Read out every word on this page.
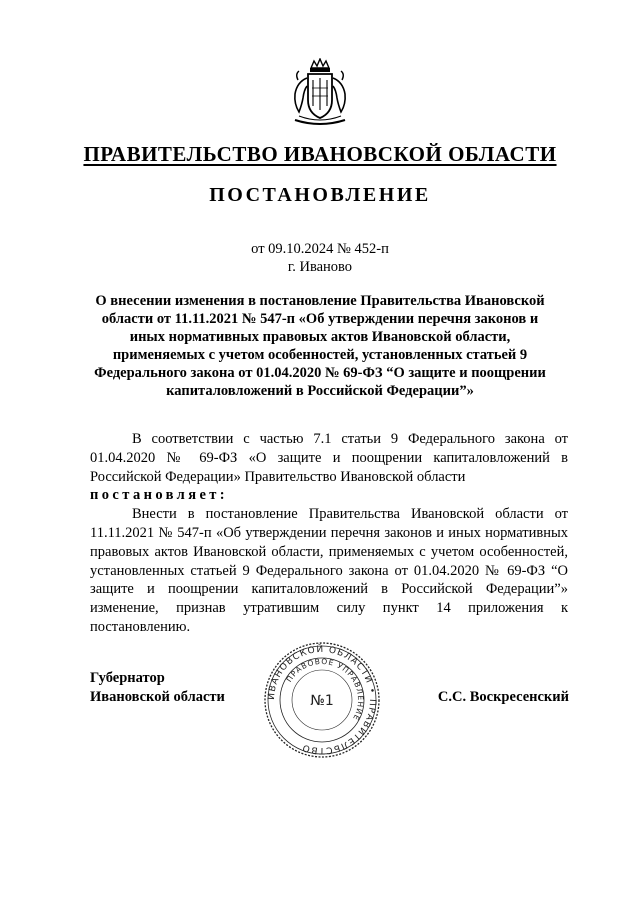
ПРАВИТЕЛЬСТВО ИВАНОВСКОЙ ОБЛАСТИ
ПОСТАНОВЛЕНИЕ
от 09.10.2024 № 452-п
г. Иваново
О внесении изменения в постановление Правительства Ивановской области от 11.11.2021 № 547-п «Об утверждении перечня законов и иных нормативных правовых актов Ивановской области, применяемых с учетом особенностей, установленных статьей 9 Федерального закона от 01.04.2020 № 69-ФЗ “О защите и поощрении капиталовложений в Российской Федерации”»

В соответствии с частью 7.1 статьи 9 Федерального закона от 01.04.2020 № 69-ФЗ «О защите и поощрении капиталовложений в Российской Федерации» Правительство Ивановской области
постановляет:

Внести в постановление Правительства Ивановской области от 11.11.2021 № 547-п «Об утверждении перечня законов и иных нормативных правовых актов Ивановской области, применяемых с учетом особенностей, установленных статьей 9 Федерального закона от 01.04.2020 № 69-ФЗ “О защите и поощрении капиталовложений в Российской Федерации”» изменение, признав утратившим силу пункт 14 приложения к постановлению.

Губернатор
Ивановской области	ИВАНОВСКОЙ ОБЛАСТИ • ПРАВИТЕЛЬСТВО
ПРАВОВОЕ УПРАВЛЕНИЕ
№1	С.С. Воскресенский
